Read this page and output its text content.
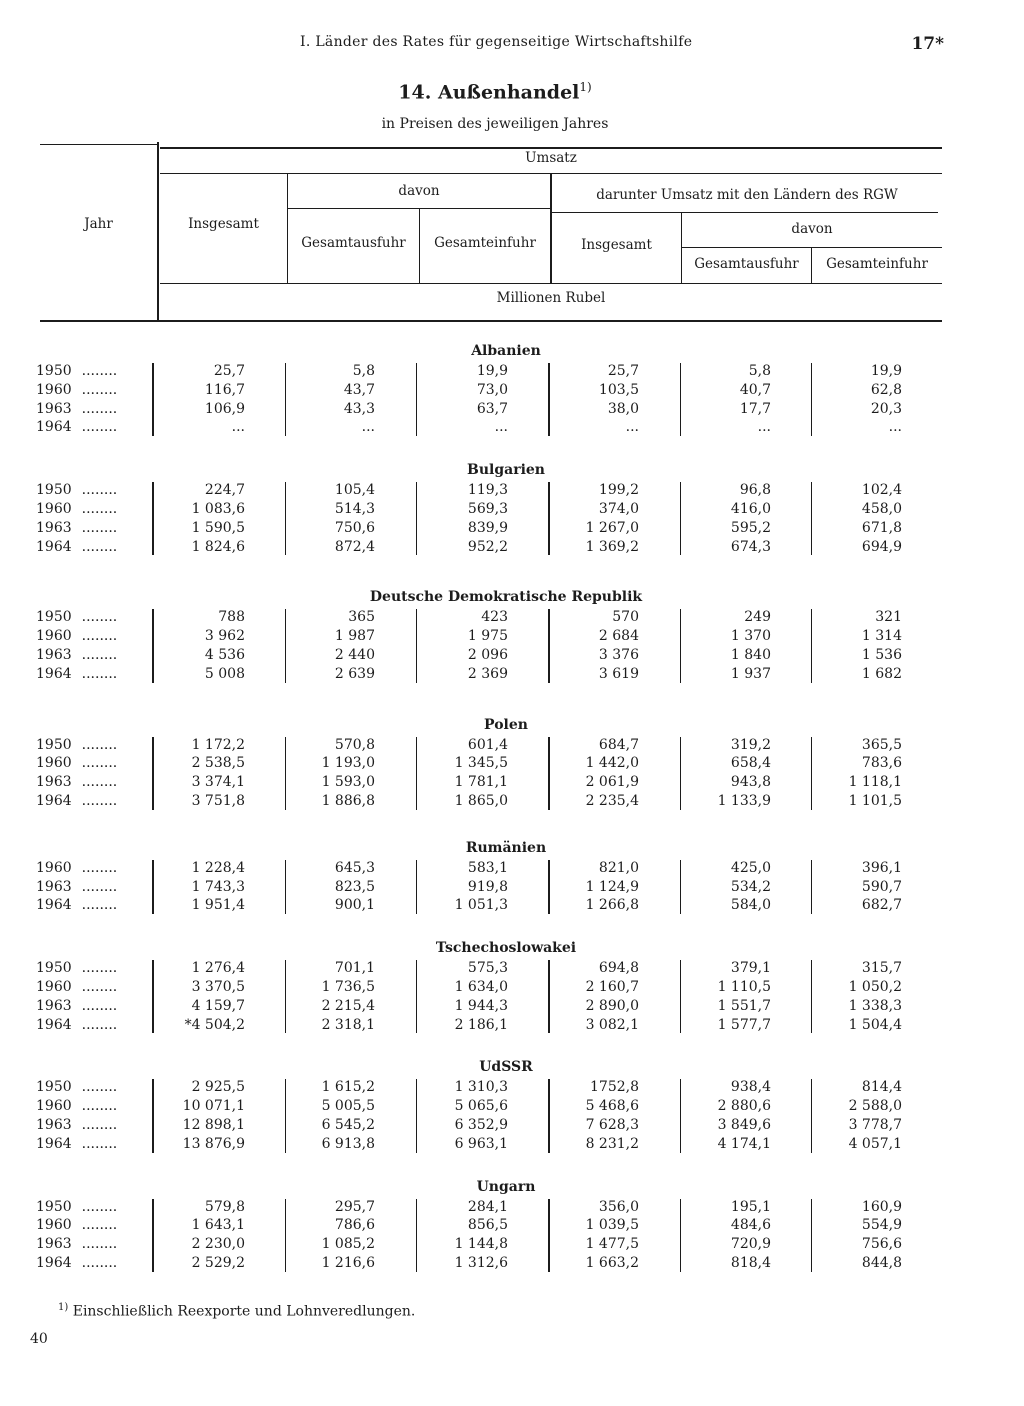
I. Länder des Rates für gegenseitige Wirtschaftshilfe	17*
14. Außenhandel$^{1)}$
in Preisen des jeweiligen Jahres
Jahr
Umsatz
Insgesamt
davon
Gesamtausfuhr	Gesamteinfuhr
darunter Umsatz mit den Ländern des RGW
Insgesamt
davon
Gesamtausfuhr	Gesamteinfuhr
Millionen Rubel
Albanien
1950 ........	25,7	5,8	19,9	25,7	5,8	19,9
1960 ........	116,7	43,7	73,0	103,5	40,7	62,8
1963 ........	106,9	43,3	63,7	38,0	17,7	20,3
1964 ........	...	...	...	...	...	...
Bulgarien
1950 ........	224,7	105,4	119,3	199,2	96,8	102,4
1960 ........	1 083,6	514,3	569,3	374,0	416,0	458,0
1963 ........	1 590,5	750,6	839,9	1 267,0	595,2	671,8
1964 ........	1 824,6	872,4	952,2	1 369,2	674,3	694,9
Deutsche Demokratische Republik
1950 ........	788	365	423	570	249	321
1960 ........	3 962	1 987	1 975	2 684	1 370	1 314
1963 ........	4 536	2 440	2 096	3 376	1 840	1 536
1964 ........	5 008	2 639	2 369	3 619	1 937	1 682
Polen
1950 ........	1 172,2	570,8	601,4	684,7	319,2	365,5
1960 ........	2 538,5	1 193,0	1 345,5	1 442,0	658,4	783,6
1963 ........	3 374,1	1 593,0	1 781,1	2 061,9	943,8	1 118,1
1964 ........	3 751,8	1 886,8	1 865,0	2 235,4	1 133,9	1 101,5
Rumänien
1960 ........	1 228,4	645,3	583,1	821,0	425,0	396,1
1963 ........	1 743,3	823,5	919,8	1 124,9	534,2	590,7
1964 ........	1 951,4	900,1	1 051,3	1 266,8	584,0	682,7
Tschechoslowakei
1950 ........	1 276,4	701,1	575,3	694,8	379,1	315,7
1960 ........	3 370,5	1 736,5	1 634,0	2 160,7	1 110,5	1 050,2
1963 ........	4 159,7	2 215,4	1 944,3	2 890,0	1 551,7	1 338,3
1964 ........	*4 504,2	2 318,1	2 186,1	3 082,1	1 577,7	1 504,4
UdSSR
1950 ........	2 925,5	1 615,2	1 310,3	1752,8	938,4	814,4
1960 ........	10 071,1	5 005,5	5 065,6	5 468,6	2 880,6	2 588,0
1963 ........	12 898,1	6 545,2	6 352,9	7 628,3	3 849,6	3 778,7
1964 ........	13 876,9	6 913,8	6 963,1	8 231,2	4 174,1	4 057,1
Ungarn
1950 ........	579,8	295,7	284,1	356,0	195,1	160,9
1960 ........	1 643,1	786,6	856,5	1 039,5	484,6	554,9
1963 ........	2 230,0	1 085,2	1 144,8	1 477,5	720,9	756,6
1964 ........	2 529,2	1 216,6	1 312,6	1 663,2	818,4	844,8
$^{1)}$ Einschließlich Reexporte und Lohnveredlungen.
40
